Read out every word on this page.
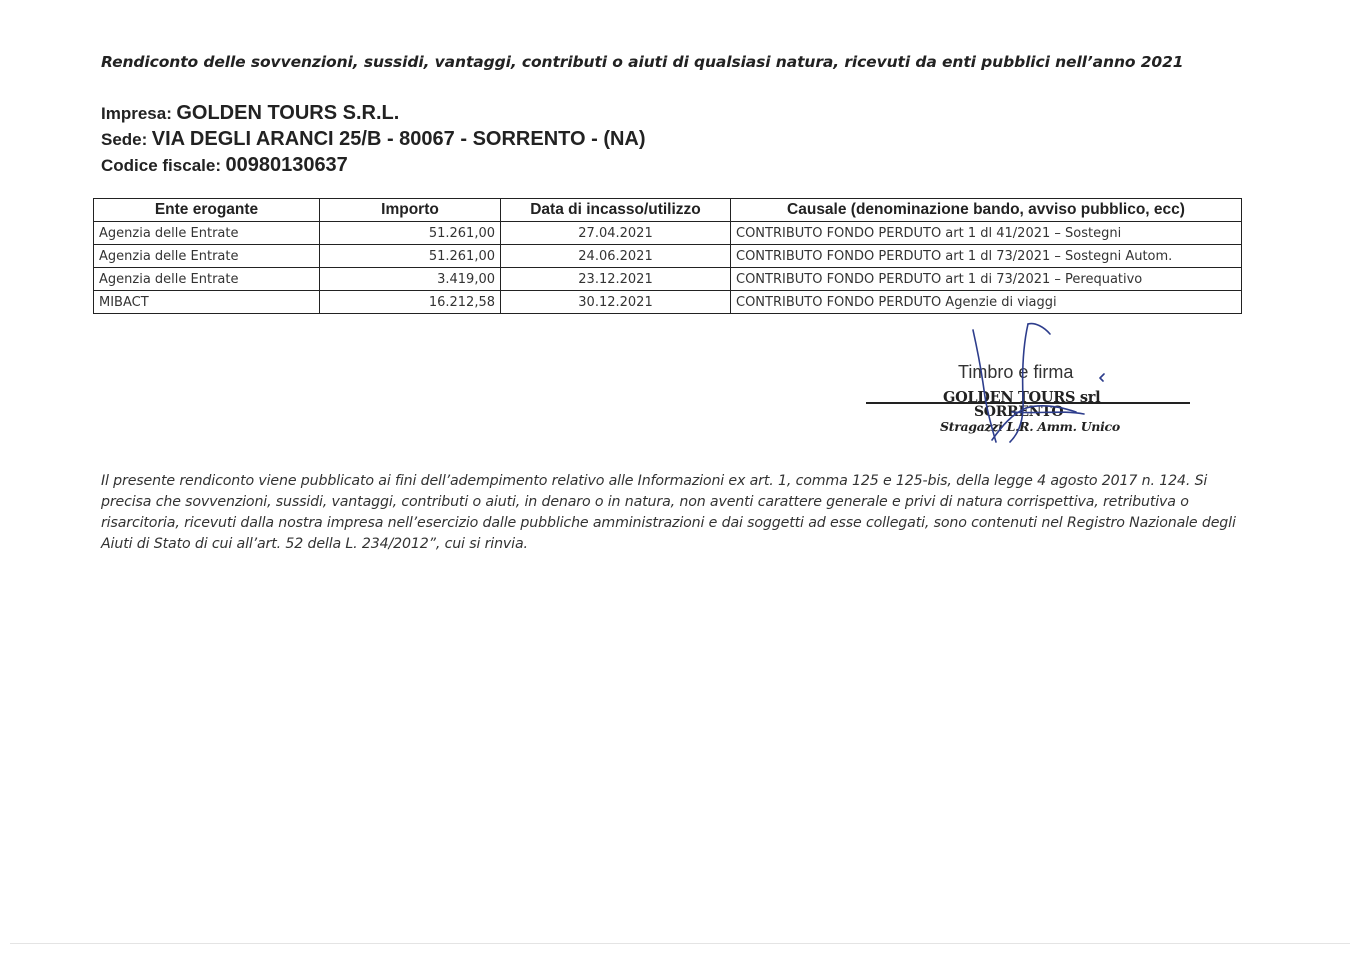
Rendiconto delle sovvenzioni, sussidi, vantaggi, contributi o aiuti di qualsiasi natura, ricevuti da enti pubblici nell’anno 2021
Impresa: GOLDEN TOURS S.R.L.
Sede: VIA DEGLI ARANCI 25/B - 80067 - SORRENTO - (NA)
Codice fiscale: 00980130637
Ente erogante	Importo	Data di incasso/utilizzo	Causale (denominazione bando, avviso pubblico, ecc)
Agenzia delle Entrate	51.261,00	27.04.2021	CONTRIBUTO FONDO PERDUTO art 1 dl 41/2021 – Sostegni
Agenzia delle Entrate	51.261,00	24.06.2021	CONTRIBUTO FONDO PERDUTO art 1 dl 73/2021 – Sostegni Autom.
Agenzia delle Entrate	3.419,00	23.12.2021	CONTRIBUTO FONDO PERDUTO art 1 di 73/2021 – Perequativo
MIBACT	16.212,58	30.12.2021	CONTRIBUTO FONDO PERDUTO Agenzie di viaggi
Timbro e firma
GOLDEN TOURS srl
SORRENTO
Stragazzi L.R. Amm. Unico
Il presente rendiconto viene pubblicato ai fini dell’adempimento relativo alle Informazioni ex art. 1, comma 125 e 125-bis, della legge 4 agosto 2017 n. 124. Si precisa che sovvenzioni, sussidi, vantaggi, contributi o aiuti, in denaro o in natura, non aventi carattere generale e privi di natura corrispettiva, retributiva o risarcitoria, ricevuti dalla nostra impresa nell’esercizio dalle pubbliche amministrazioni e dai soggetti ad esse collegati, sono contenuti nel Registro Nazionale degli Aiuti di Stato di cui all’art. 52 della L. 234/2012”, cui si rinvia.
